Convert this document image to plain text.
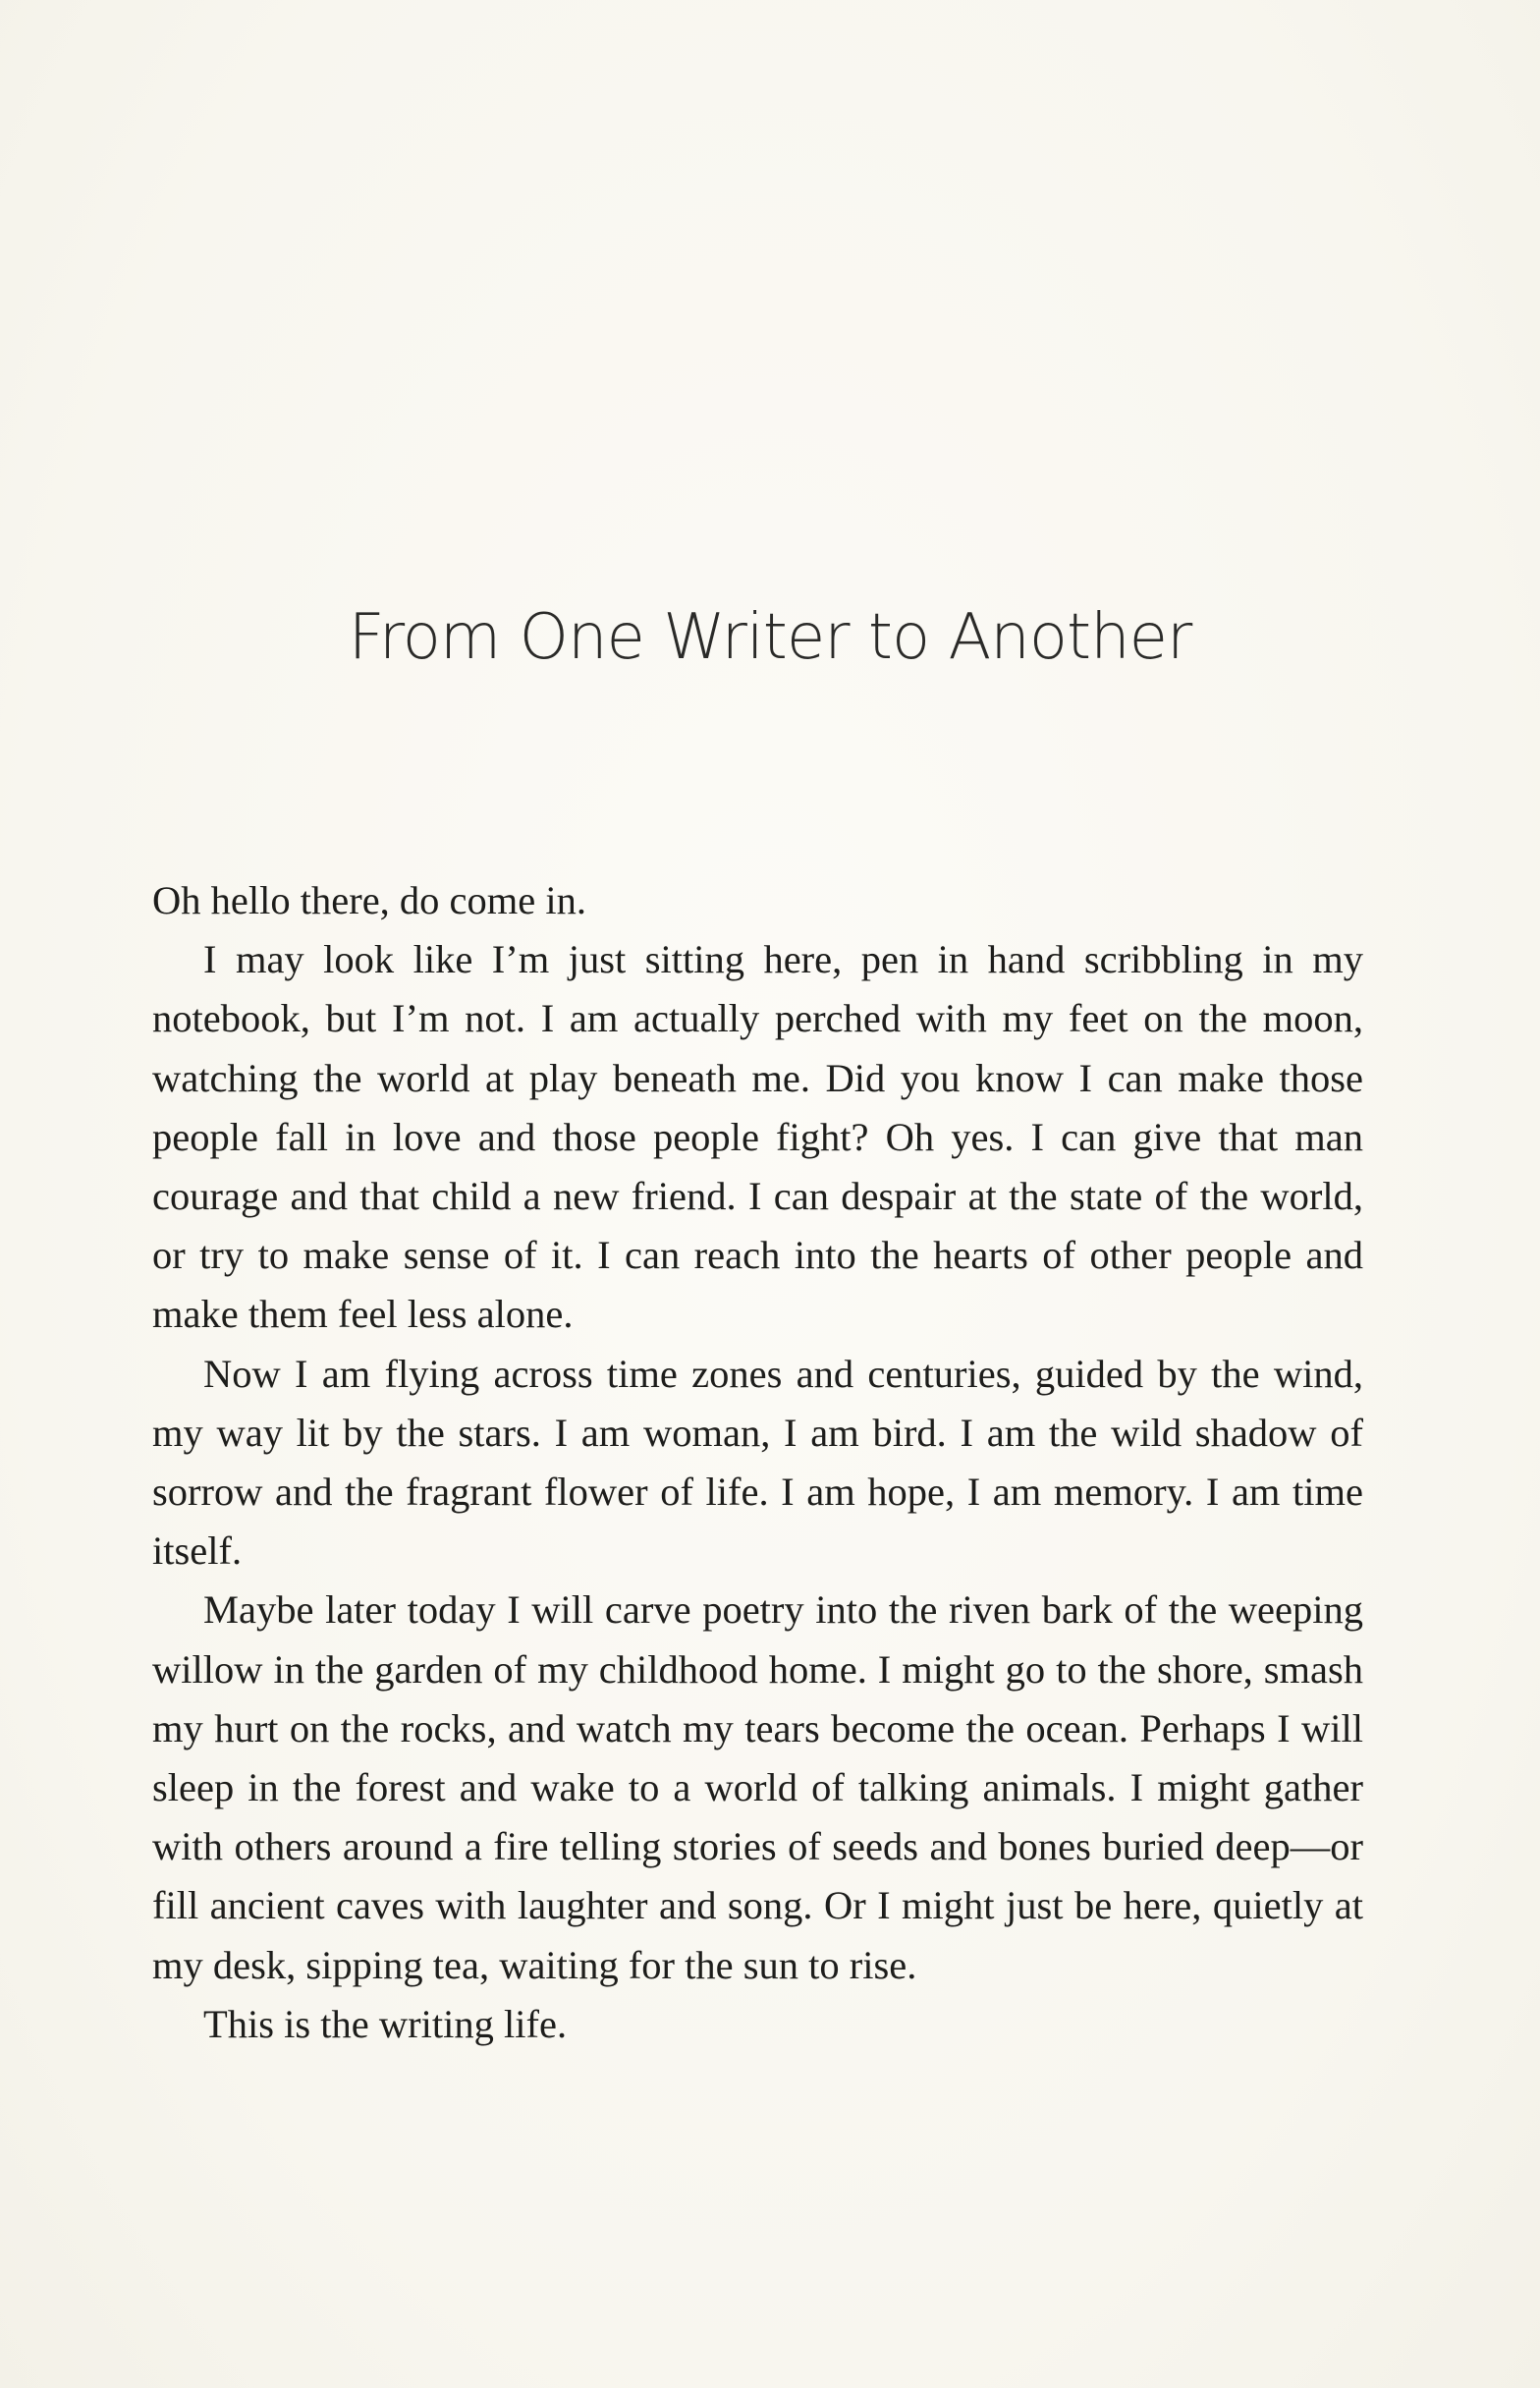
From One Writer to Another

Oh hello there, do come in.

I may look like I’m just sitting here, pen in hand scribbling in my notebook, but I’m not. I am actually perched with my feet on the moon, watching the world at play beneath me. Did you know I can make those people fall in love and those people fight? Oh yes. I can give that man courage and that child a new friend. I can despair at the state of the world, or try to make sense of it. I can reach into the hearts of other people and make them feel less alone.

Now I am flying across time zones and centuries, guided by the wind, my way lit by the stars. I am woman, I am bird. I am the wild shadow of sorrow and the fragrant flower of life. I am hope, I am memory. I am time itself.

Maybe later today I will carve poetry into the riven bark of the weeping willow in the garden of my childhood home. I might go to the shore, smash my hurt on the rocks, and watch my tears become the ocean. Perhaps I will sleep in the forest and wake to a world of talking animals. I might gather with others around a fire telling stories of seeds and bones buried deep—or fill ancient caves with laughter and song. Or I might just be here, quietly at my desk, sipping tea, waiting for the sun to rise.

This is the writing life.
